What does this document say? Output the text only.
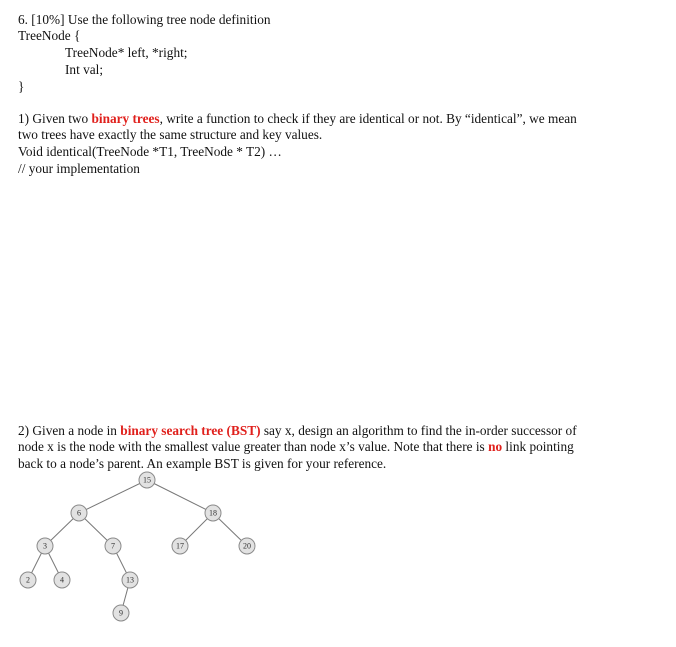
6. [10%] Use the following tree node definition
TreeNode {
TreeNode* left, *right;
Int val;
}
1) Given two binary trees, write a function to check if they are identical or not. By “identical”, we mean
two trees have exactly the same structure and key values.
Void identical(TreeNode *T1, TreeNode * T2) …
// your implementation
2) Given a node in binary search tree (BST) say x, design an algorithm to find the in-order successor of
node x is the node with the smallest value greater than node x’s value. Note that there is no link pointing
back to a node’s parent. An example BST is given for your reference.
15
6	18
3	7	17	20
2	4	13
9
